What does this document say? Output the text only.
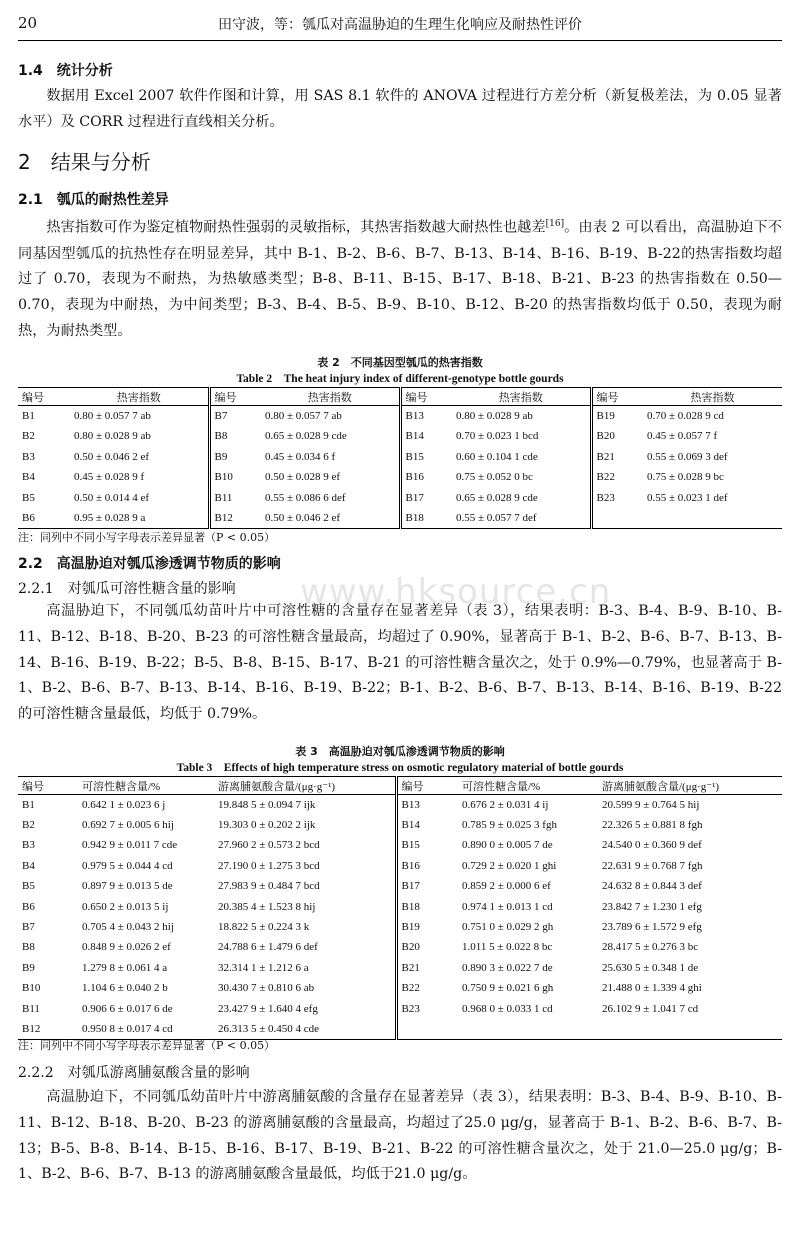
20	田守波，等：瓠瓜对高温胁迫的生理生化响应及耐热性评价
1.4　统计分析
数据用 Excel 2007 软件作图和计算，用 SAS 8.1 软件的 ANOVA 过程进行方差分析（新复极差法，为 0.05 显著水平）及 CORR 过程进行直线相关分析。
2　结果与分析
2.1　瓠瓜的耐热性差异
热害指数可作为鉴定植物耐热性强弱的灵敏指标，其热害指数越大耐热性也越差[16]。由表 2 可以看出，高温胁迫下不同基因型瓠瓜的抗热性存在明显差异，其中 B-1、B-2、B-6、B-7、B-13、B-14、B-16、B-19、B-22的热害指数均超过了 0.70，表现为不耐热，为热敏感类型；B-8、B-11、B-15、B-17、B-18、B-21、B-23 的热害指数在 0.50—0.70，表现为中耐热，为中间类型；B-3、B-4、B-5、B-9、B-10、B-12、B-20 的热害指数均低于 0.50，表现为耐热，为耐热类型。
表 2　不同基因型瓠瓜的热害指数
Table 2　The heat injury index of different-genotype bottle gourds
编号	热害指数	编号	热害指数	编号	热害指数	编号	热害指数
B1	0.80 ± 0.057 7 ab	B7	0.80 ± 0.057 7 ab	B13	0.80 ± 0.028 9 ab	B19	0.70 ± 0.028 9 cd
B2	0.80 ± 0.028 9 ab	B8	0.65 ± 0.028 9 cde	B14	0.70 ± 0.023 1 bcd	B20	0.45 ± 0.057 7 f
B3	0.50 ± 0.046 2 ef	B9	0.45 ± 0.034 6 f	B15	0.60 ± 0.104 1 cde	B21	0.55 ± 0.069 3 def
B4	0.45 ± 0.028 9 f	B10	0.50 ± 0.028 9 ef	B16	0.75 ± 0.052 0 bc	B22	0.75 ± 0.028 9 bc
B5	0.50 ± 0.014 4 ef	B11	0.55 ± 0.086 6 def	B17	0.65 ± 0.028 9 cde	B23	0.55 ± 0.023 1 def
B6	0.95 ± 0.028 9 a	B12	0.50 ± 0.046 2 ef	B18	0.55 ± 0.057 7 def		
注：同列中不同小写字母表示差异显著（P < 0.05）
2.2　高温胁迫对瓠瓜渗透调节物质的影响
2.2.1　对瓠瓜可溶性糖含量的影响
高温胁迫下，不同瓠瓜幼苗叶片中可溶性糖的含量存在显著差异（表 3），结果表明：B-3、B-4、B-9、B-10、B-11、B-12、B-18、B-20、B-23 的可溶性糖含量最高，均超过了 0.90%，显著高于 B-1、B-2、B-6、B-7、B-13、B-14、B-16、B-19、B-22；B-5、B-8、B-15、B-17、B-21 的可溶性糖含量次之，处于 0.9%—0.79%，也显著高于 B-1、B-2、B-6、B-7、B-13、B-14、B-16、B-19、B-22；B-1、B-2、B-6、B-7、B-13、B-14、B-16、B-19、B-22 的可溶性糖含量最低，均低于 0.79%。
www.hksource.cn
表 3　高温胁迫对瓠瓜渗透调节物质的影响
Table 3　Effects of high temperature stress on osmotic regulatory material of bottle gourds
编号	可溶性糖含量/%	游离脯氨酸含量/(μg·g⁻¹)	编号	可溶性糖含量/%	游离脯氨酸含量/(μg·g⁻¹)
B1	0.642 1 ± 0.023 6 j	19.848 5 ± 0.094 7 ijk	B13	0.676 2 ± 0.031 4 ij	20.599 9 ± 0.764 5 hij
B2	0.692 7 ± 0.005 6 hij	19.303 0 ± 0.202 2 ijk	B14	0.785 9 ± 0.025 3 fgh	22.326 5 ± 0.881 8 fgh
B3	0.942 9 ± 0.011 7 cde	27.960 2 ± 0.573 2 bcd	B15	0.890 0 ± 0.005 7 de	24.540 0 ± 0.360 9 def
B4	0.979 5 ± 0.044 4 cd	27.190 0 ± 1.275 3 bcd	B16	0.729 2 ± 0.020 1 ghi	22.631 9 ± 0.768 7 fgh
B5	0.897 9 ± 0.013 5 de	27.983 9 ± 0.484 7 bcd	B17	0.859 2 ± 0.000 6 ef	24.632 8 ± 0.844 3 def
B6	0.650 2 ± 0.013 5 ij	20.385 4 ± 1.523 8 hij	B18	0.974 1 ± 0.013 1 cd	23.842 7 ± 1.230 1 efg
B7	0.705 4 ± 0.043 2 hij	18.822 5 ± 0.224 3 k	B19	0.751 0 ± 0.029 2 gh	23.789 6 ± 1.572 9 efg
B8	0.848 9 ± 0.026 2 ef	24.788 6 ± 1.479 6 def	B20	1.011 5 ± 0.022 8 bc	28.417 5 ± 0.276 3 bc
B9	1.279 8 ± 0.061 4 a	32.314 1 ± 1.212 6 a	B21	0.890 3 ± 0.022 7 de	25.630 5 ± 0.348 1 de
B10	1.104 6 ± 0.040 2 b	30.430 7 ± 0.810 6 ab	B22	0.750 9 ± 0.021 6 gh	21.488 0 ± 1.339 4 ghi
B11	0.906 6 ± 0.017 6 de	23.427 9 ± 1.640 4 efg	B23	0.968 0 ± 0.033 1 cd	26.102 9 ± 1.041 7 cd
B12	0.950 8 ± 0.017 4 cd	26.313 5 ± 0.450 4 cde			
注：同列中不同小写字母表示差异显著（P < 0.05）
2.2.2　对瓠瓜游离脯氨酸含量的影响
高温胁迫下，不同瓠瓜幼苗叶片中游离脯氨酸的含量存在显著差异（表 3），结果表明：B-3、B-4、B-9、B-10、B-11、B-12、B-18、B-20、B-23 的游离脯氨酸的含量最高，均超过了25.0 μg/g，显著高于 B-1、B-2、B-6、B-7、B-13；B-5、B-8、B-14、B-15、B-16、B-17、B-19、B-21、B-22 的可溶性糖含量次之，处于 21.0—25.0 μg/g；B-1、B-2、B-6、B-7、B-13 的游离脯氨酸含量最低，均低于21.0 μg/g。
